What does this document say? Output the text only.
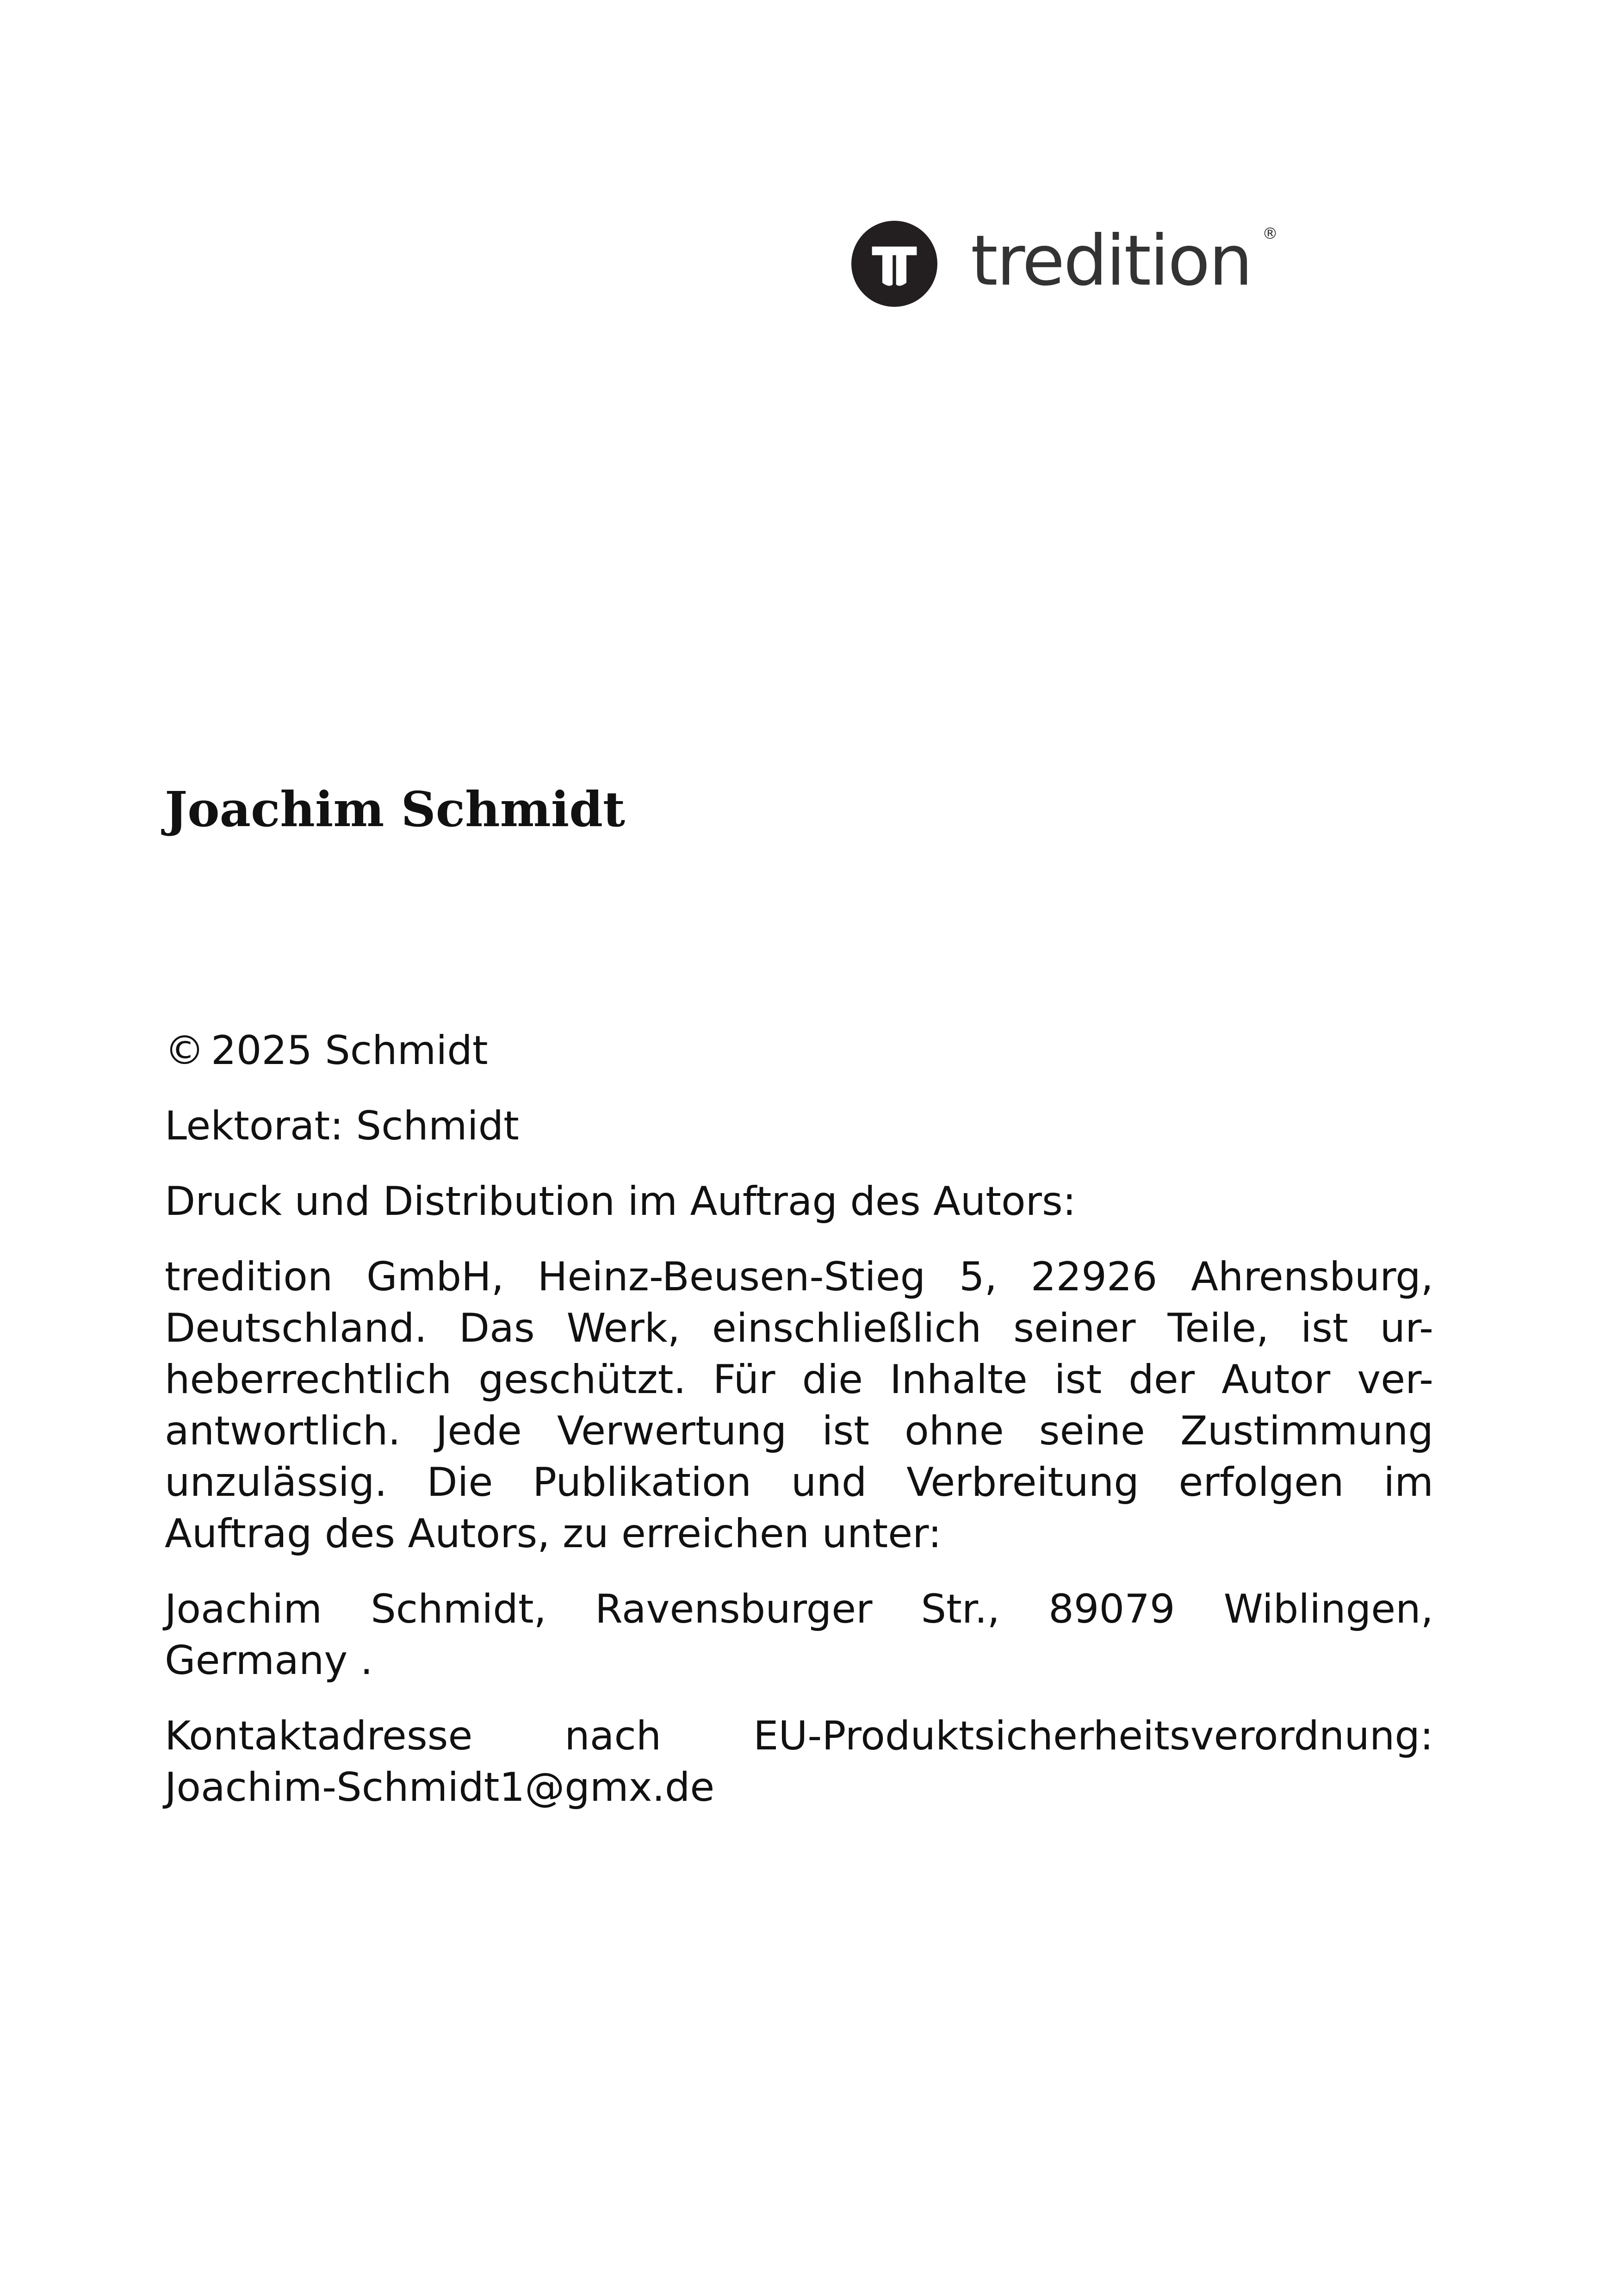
tredition ®
Joachim Schmidt

© 2025 Schmidt

Lektorat: Schmidt

Druck und Distribution im Auftrag des Autors:

tredition GmbH, Heinz-Beusen-Stieg 5, 22926 Ahrensburg,
Deutschland. Das Werk, einschließlich seiner Teile, ist ur-
heberrechtlich geschützt. Für die Inhalte ist der Autor ver-
antwortlich. Jede Verwertung ist ohne seine Zustimmung
unzulässig. Die Publikation und Verbreitung erfolgen im
Auftrag des Autors, zu erreichen unter:

Joachim Schmidt, Ravensburger Str., 89079 Wiblingen,
Germany .

Kontaktadresse nach EU-Produktsicherheitsverordnung:
Joachim-Schmidt1@gmx.de
